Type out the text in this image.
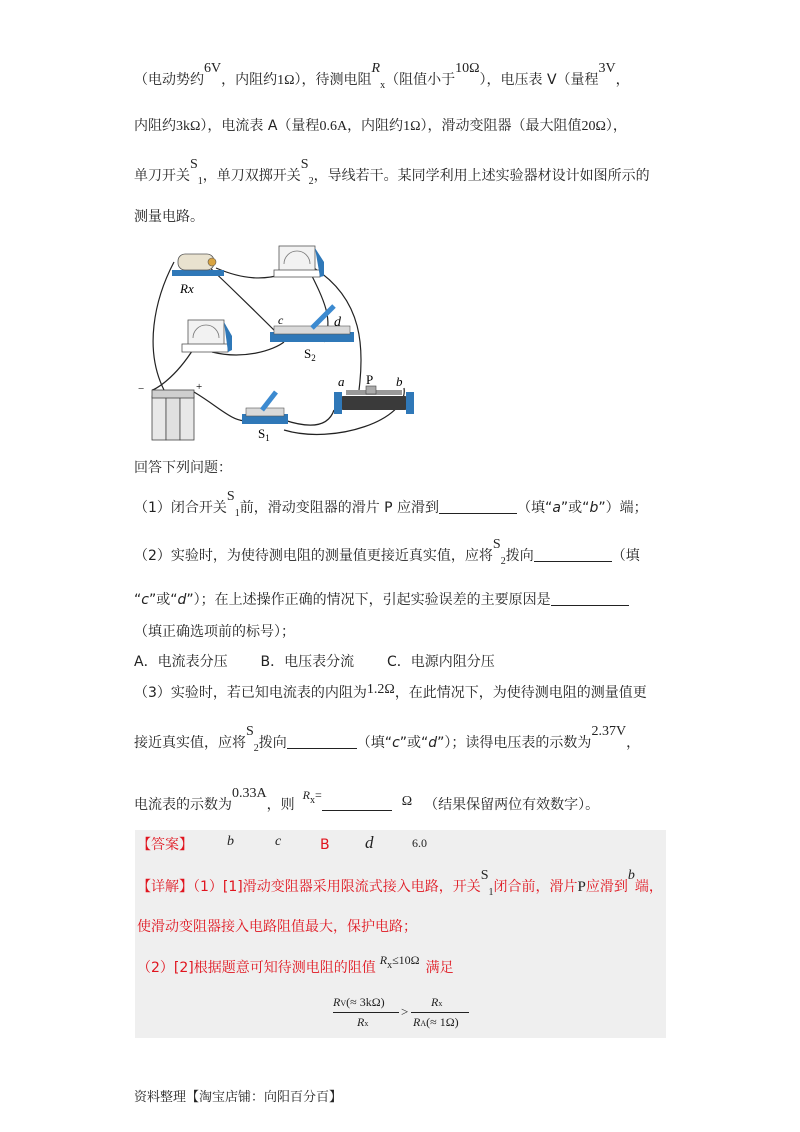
（电动势约6V，内阻约1Ω），待测电阻$R_x$（阻值小于10Ω），电压表 V（量程3V，
内阻约3kΩ），电流表 A（量程0.6A，内阻约1Ω），滑动变阻器（最大阻值20Ω），
单刀开关$S_1$，单刀双掷开关$S_2$，导线若干。某同学利用上述实验器材设计如图所示的
测量电路。
Rx
c	d
$S_2$
+
−
$S_1$
a P b
回答下列问题：
（1）闭合开关$S_1$前，滑动变阻器的滑片 P 应滑到	（填“a”或“b”）端；
（2）实验时，为使待测电阻的测量值更接近真实值，应将$S_2$拨向	（填
“c”或“d”）；在上述操作正确的情况下，引起实验误差的主要原因是
（填正确选项前的标号）；
A．电流表分压 B．电压表分流 C．电源内阻分压
（3）实验时，若已知电流表的内阻为1.2Ω，在此情况下，为使待测电阻的测量值更
接近真实值，应将$S_2$拨向	（填“c”或“d”）；读得电压表的示数为2.37V，
电流表的示数为0.33A，则$R^x=$	Ω （结果保留两位有效数字）。
【答案】 b	c	B d	6.0
【详解】（1）[1]滑动变阻器采用限流式接入电路，开关$S_1$闭合前，滑片P应滑到b端，
使滑动变阻器接入电路阻值最大，保护电路；
（2）[2]根据题意可知待测电阻的阻值 $R^x\le 10\Omega$ 满足
RV(≈ 3kΩ)
Rx
>
Rx
RA(≈ 1Ω)
资料整理【淘宝店铺：向阳百分百】
